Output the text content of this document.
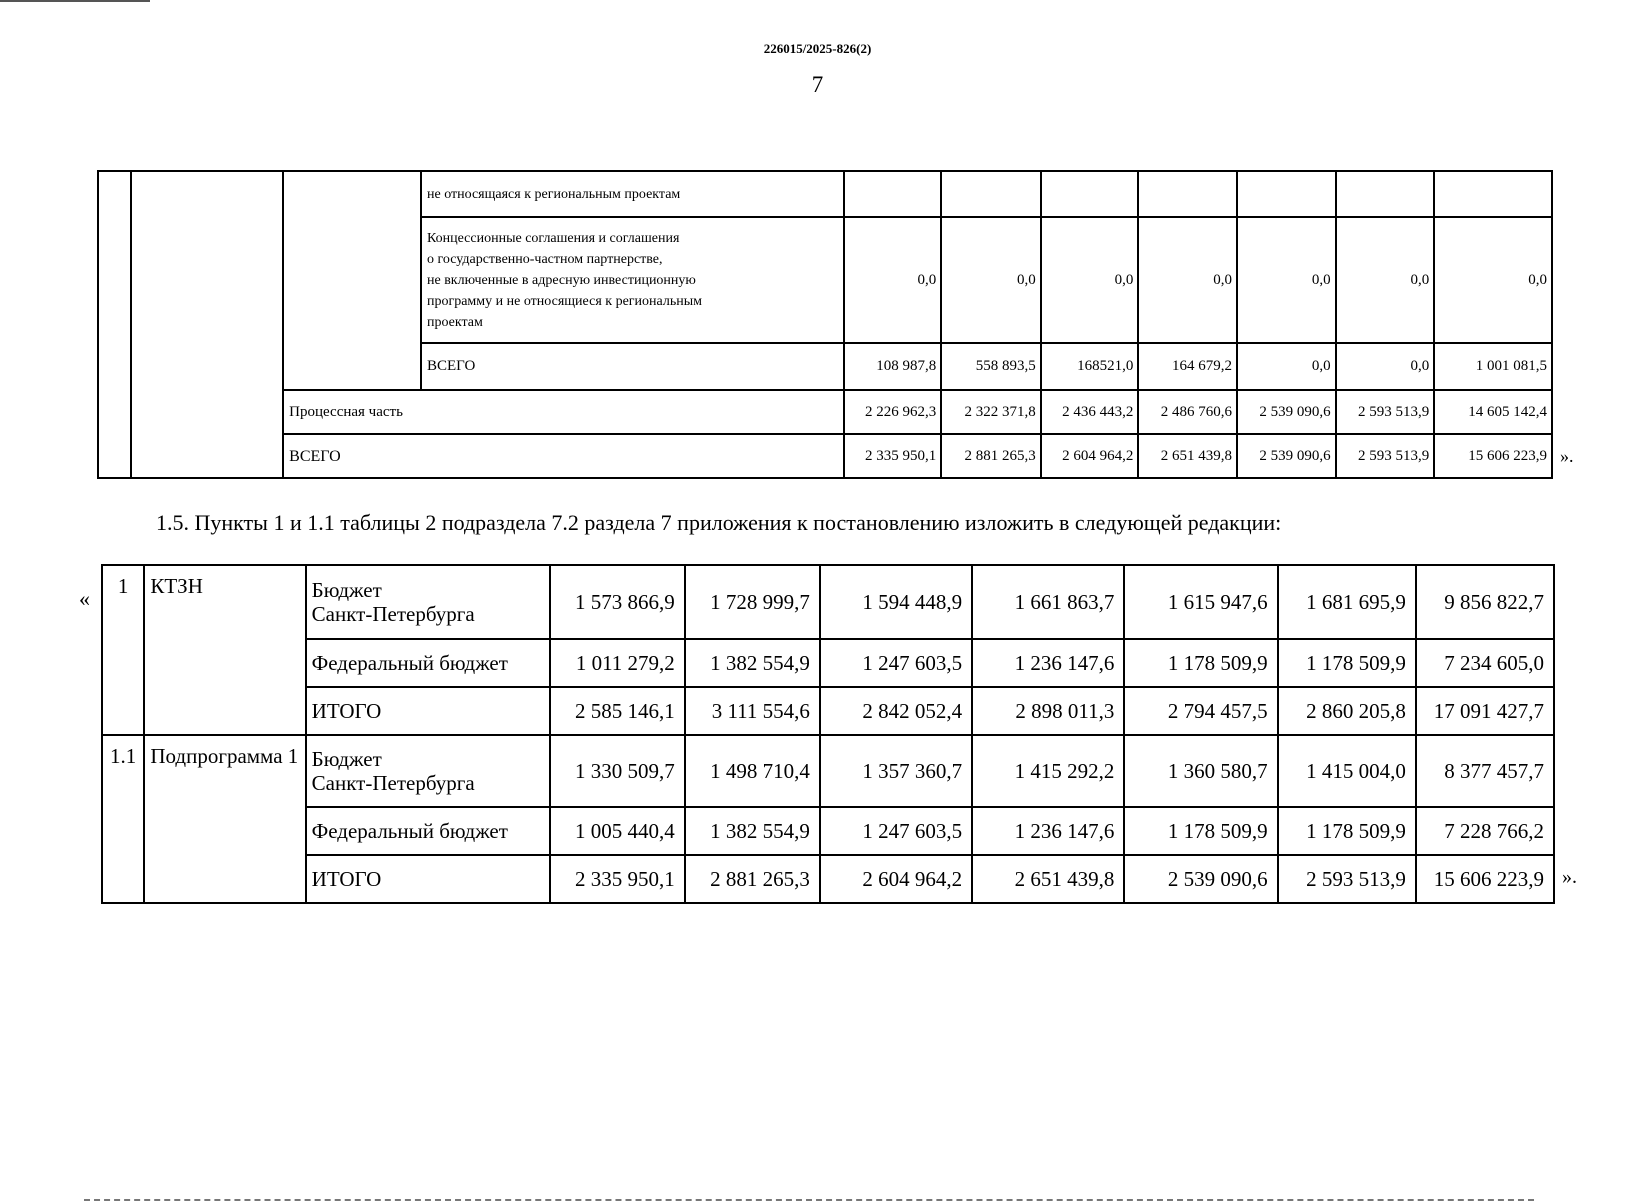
226015/2025-826(2)
7
			не относящаяся к региональным проектам							

			Концессионные соглашения и соглашения
о государственно-частном партнерстве,
не включенные в адресную инвестиционную
программу и не относящиеся к региональным
проектам	0,0	0,0	0,0	0,0	0,0	0,0	0,0
			ВСЕГО	108 987,8	558 893,5	168521,0	164 679,2	0,0	0,0	1 001 081,5
		Процессная часть		2 226 962,3	2 322 371,8	2 436 443,2	2 486 760,6	2 539 090,6	2 593 513,9	14 605 142,4
		ВСЕГО		2 335 950,1	2 881 265,3	2 604 964,2	2 651 439,8	2 539 090,6	2 593 513,9	15 606 223,9 ».
1.5. Пункты 1 и 1.1 таблицы 2 подраздела 7.2 раздела 7 приложения к постановлению изложить в следующей редакции:
« 1	КТЗН	Бюджет
Санкт-Петербурга	1 573 866,9	1 728 999,7	1 594 448,9	1 661 863,7	1 615 947,6	1 681 695,9	9 856 822,7
		Федеральный бюджет	1 011 279,2	1 382 554,9	1 247 603,5	1 236 147,6	1 178 509,9	1 178 509,9	7 234 605,0
		ИТОГО	2 585 146,1	3 111 554,6	2 842 052,4	2 898 011,3	2 794 457,5	2 860 205,8	17 091 427,7
1.1	Подпрограмма 1	Бюджет
Санкт-Петербурга	1 330 509,7	1 498 710,4	1 357 360,7	1 415 292,2	1 360 580,7	1 415 004,0	8 377 457,7
		Федеральный бюджет	1 005 440,4	1 382 554,9	1 247 603,5	1 236 147,6	1 178 509,9	1 178 509,9	7 228 766,2
		ИТОГО	2 335 950,1	2 881 265,3	2 604 964,2	2 651 439,8	2 539 090,6	2 593 513,9	15 606 223,9 ».
